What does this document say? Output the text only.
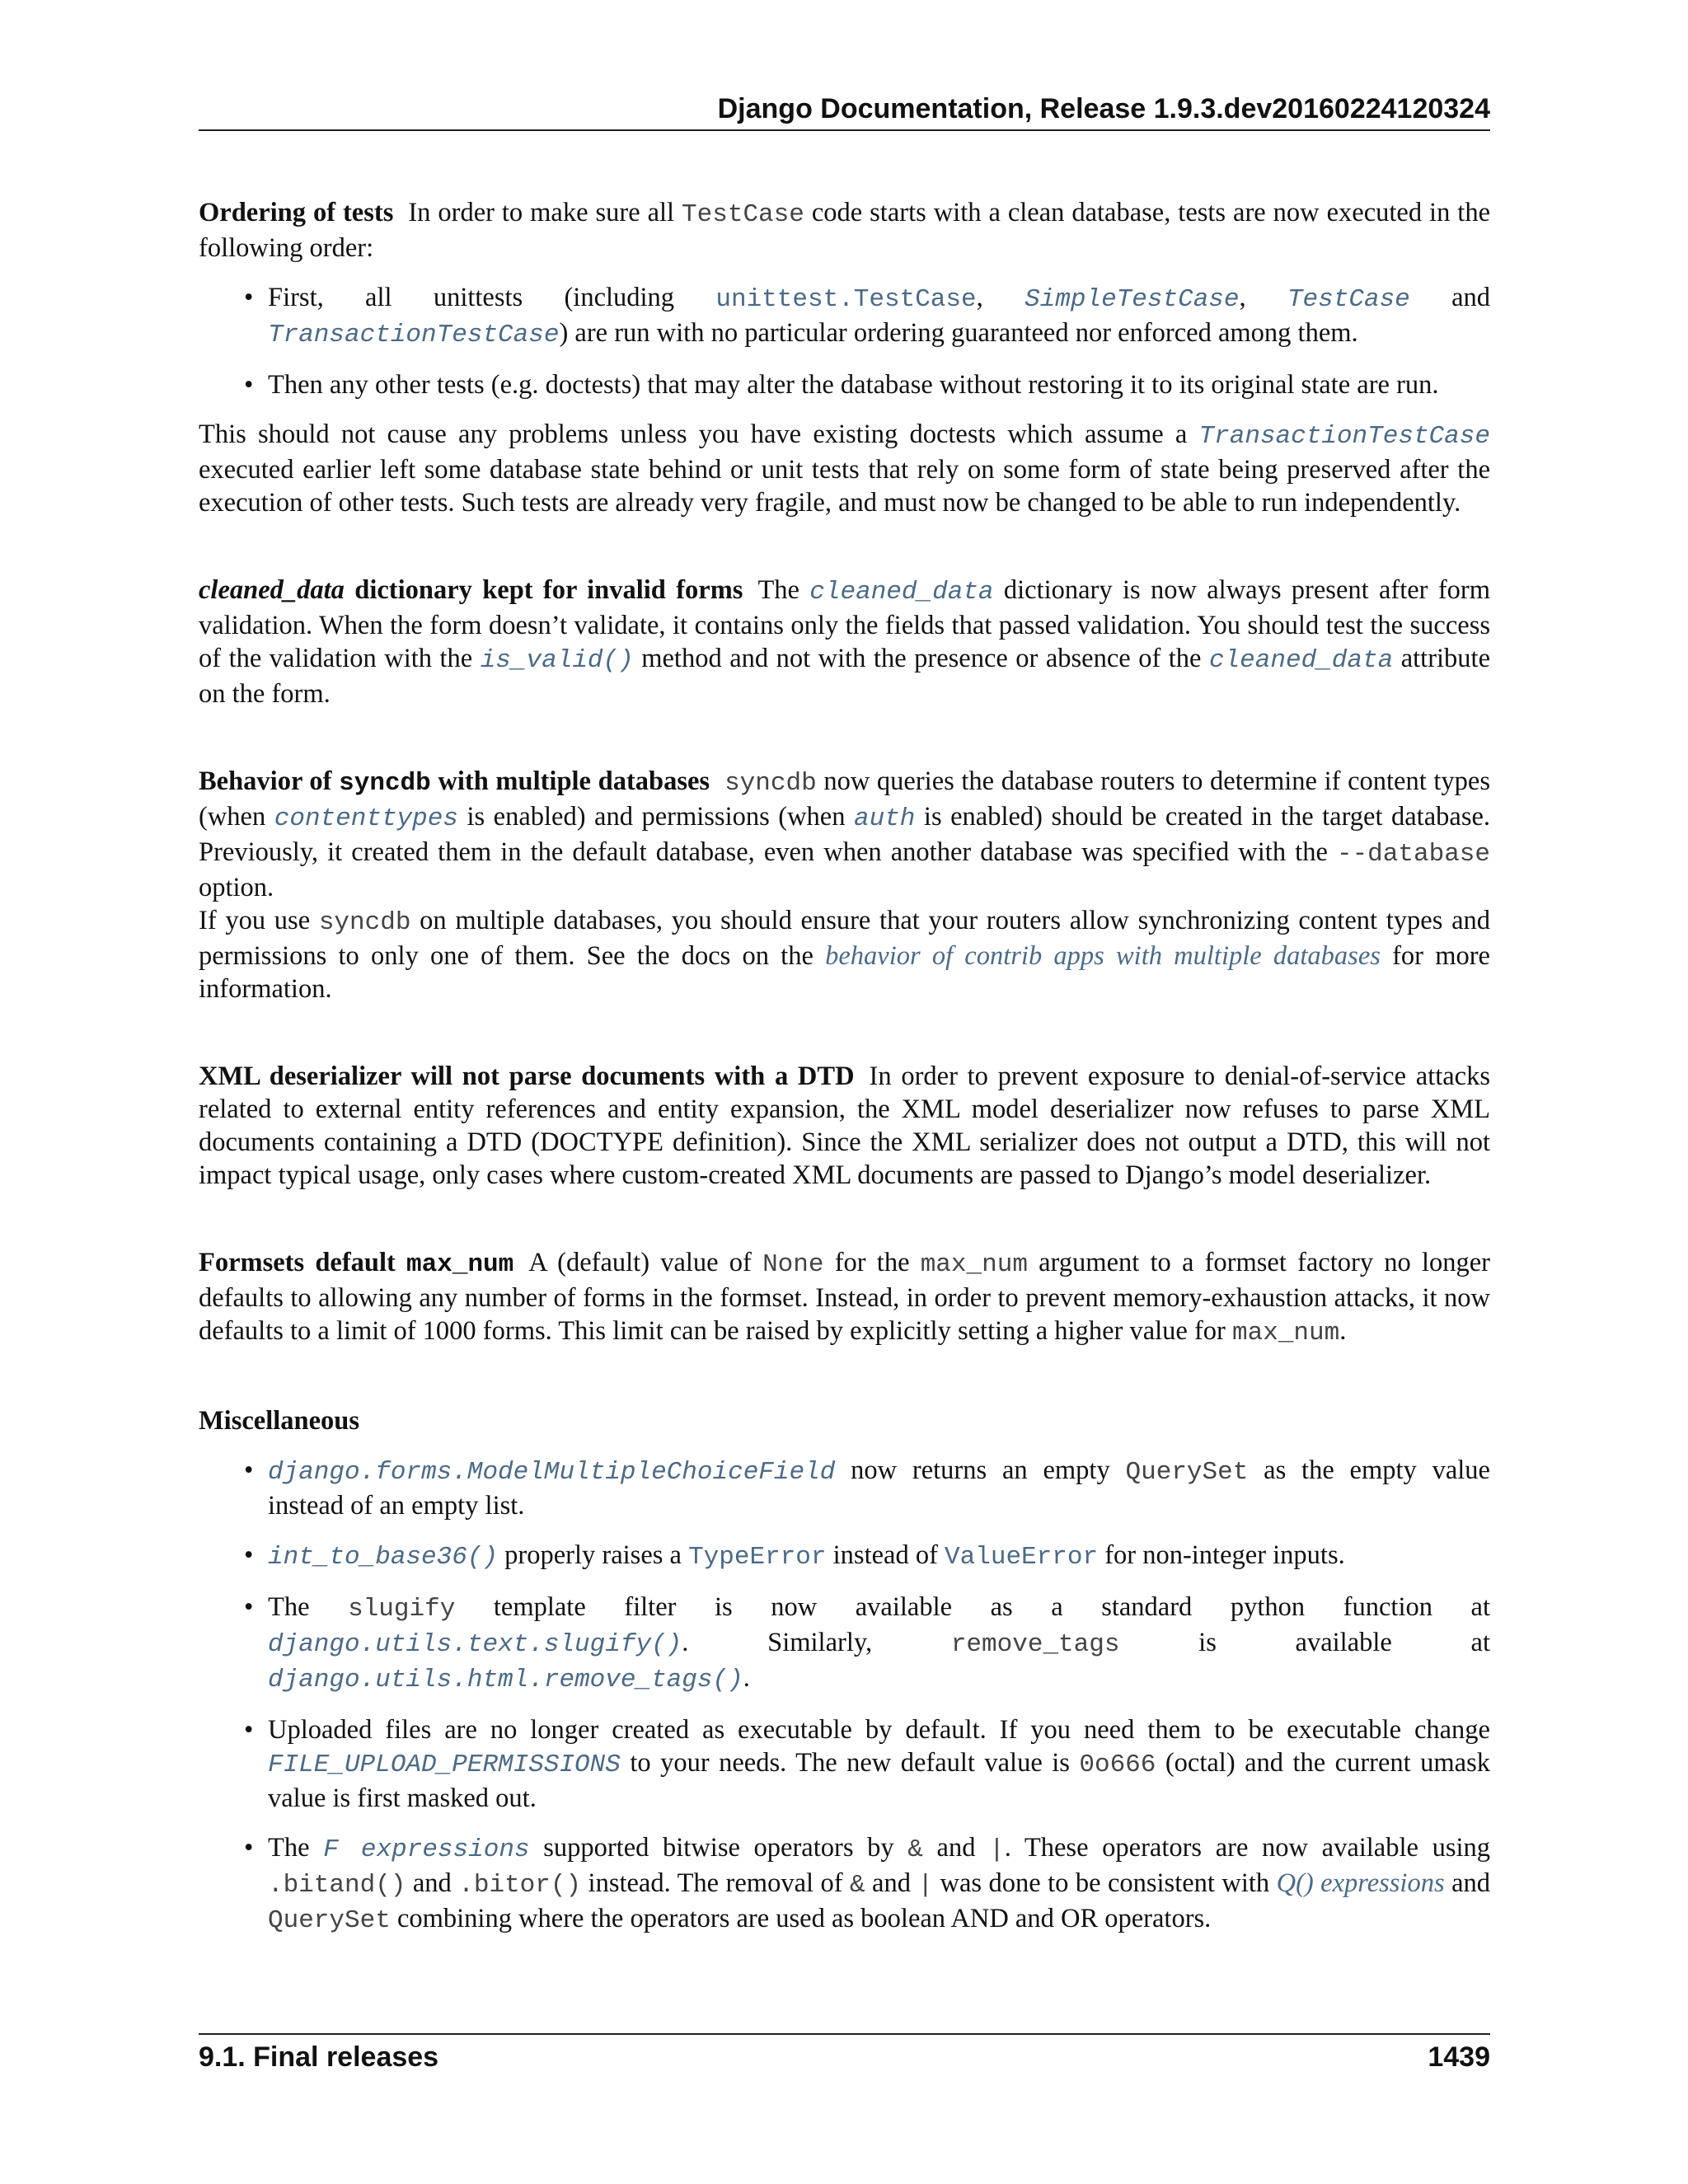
Django Documentation, Release 1.9.3.dev20160224120324

Ordering of tests In order to make sure all TestCase code starts with a clean database, tests are now executed in the following order:

• First, all unittests (including unittest.TestCase, SimpleTestCase, TestCase and TransactionTestCase) are run with no particular ordering guaranteed nor enforced among them.
• Then any other tests (e.g. doctests) that may alter the database without restoring it to its original state are run.

This should not cause any problems unless you have existing doctests which assume a TransactionTestCase executed earlier left some database state behind or unit tests that rely on some form of state being preserved after the execution of other tests. Such tests are already very fragile, and must now be changed to be able to run independently.

cleaned_data dictionary kept for invalid forms The cleaned_data dictionary is now always present after form validation. When the form doesn’t validate, it contains only the fields that passed validation. You should test the success of the validation with the is_valid() method and not with the presence or absence of the cleaned_data attribute on the form.

Behavior of syncdb with multiple databases syncdb now queries the database routers to determine if content types (when contenttypes is enabled) and permissions (when auth is enabled) should be created in the target database. Previously, it created them in the default database, even when another database was specified with the --database option.

If you use syncdb on multiple databases, you should ensure that your routers allow synchronizing content types and permissions to only one of them. See the docs on the behavior of contrib apps with multiple databases for more information.

XML deserializer will not parse documents with a DTD In order to prevent exposure to denial-of-service attacks related to external entity references and entity expansion, the XML model deserializer now refuses to parse XML documents containing a DTD (DOCTYPE definition). Since the XML serializer does not output a DTD, this will not impact typical usage, only cases where custom-created XML documents are passed to Django’s model deserializer.

Formsets default max_num A (default) value of None for the max_num argument to a formset factory no longer defaults to allowing any number of forms in the formset. Instead, in order to prevent memory-exhaustion attacks, it now defaults to a limit of 1000 forms. This limit can be raised by explicitly setting a higher value for max_num.

Miscellaneous

• django.forms.ModelMultipleChoiceField now returns an empty QuerySet as the empty value instead of an empty list.
• int_to_base36() properly raises a TypeError instead of ValueError for non-integer inputs.
• The slugify template filter is now available as a standard python function at django.utils.text.slugify(). Similarly, remove_tags is available at django.utils.html.remove_tags().
• Uploaded files are no longer created as executable by default. If you need them to be executable change FILE_UPLOAD_PERMISSIONS to your needs. The new default value is 0o666 (octal) and the current umask value is first masked out.
• The F expressions supported bitwise operators by & and |. These operators are now available using .bitand() and .bitor() instead. The removal of & and | was done to be consistent with Q() expressions and QuerySet combining where the operators are used as boolean AND and OR operators.
9.1. Final releases	1439
